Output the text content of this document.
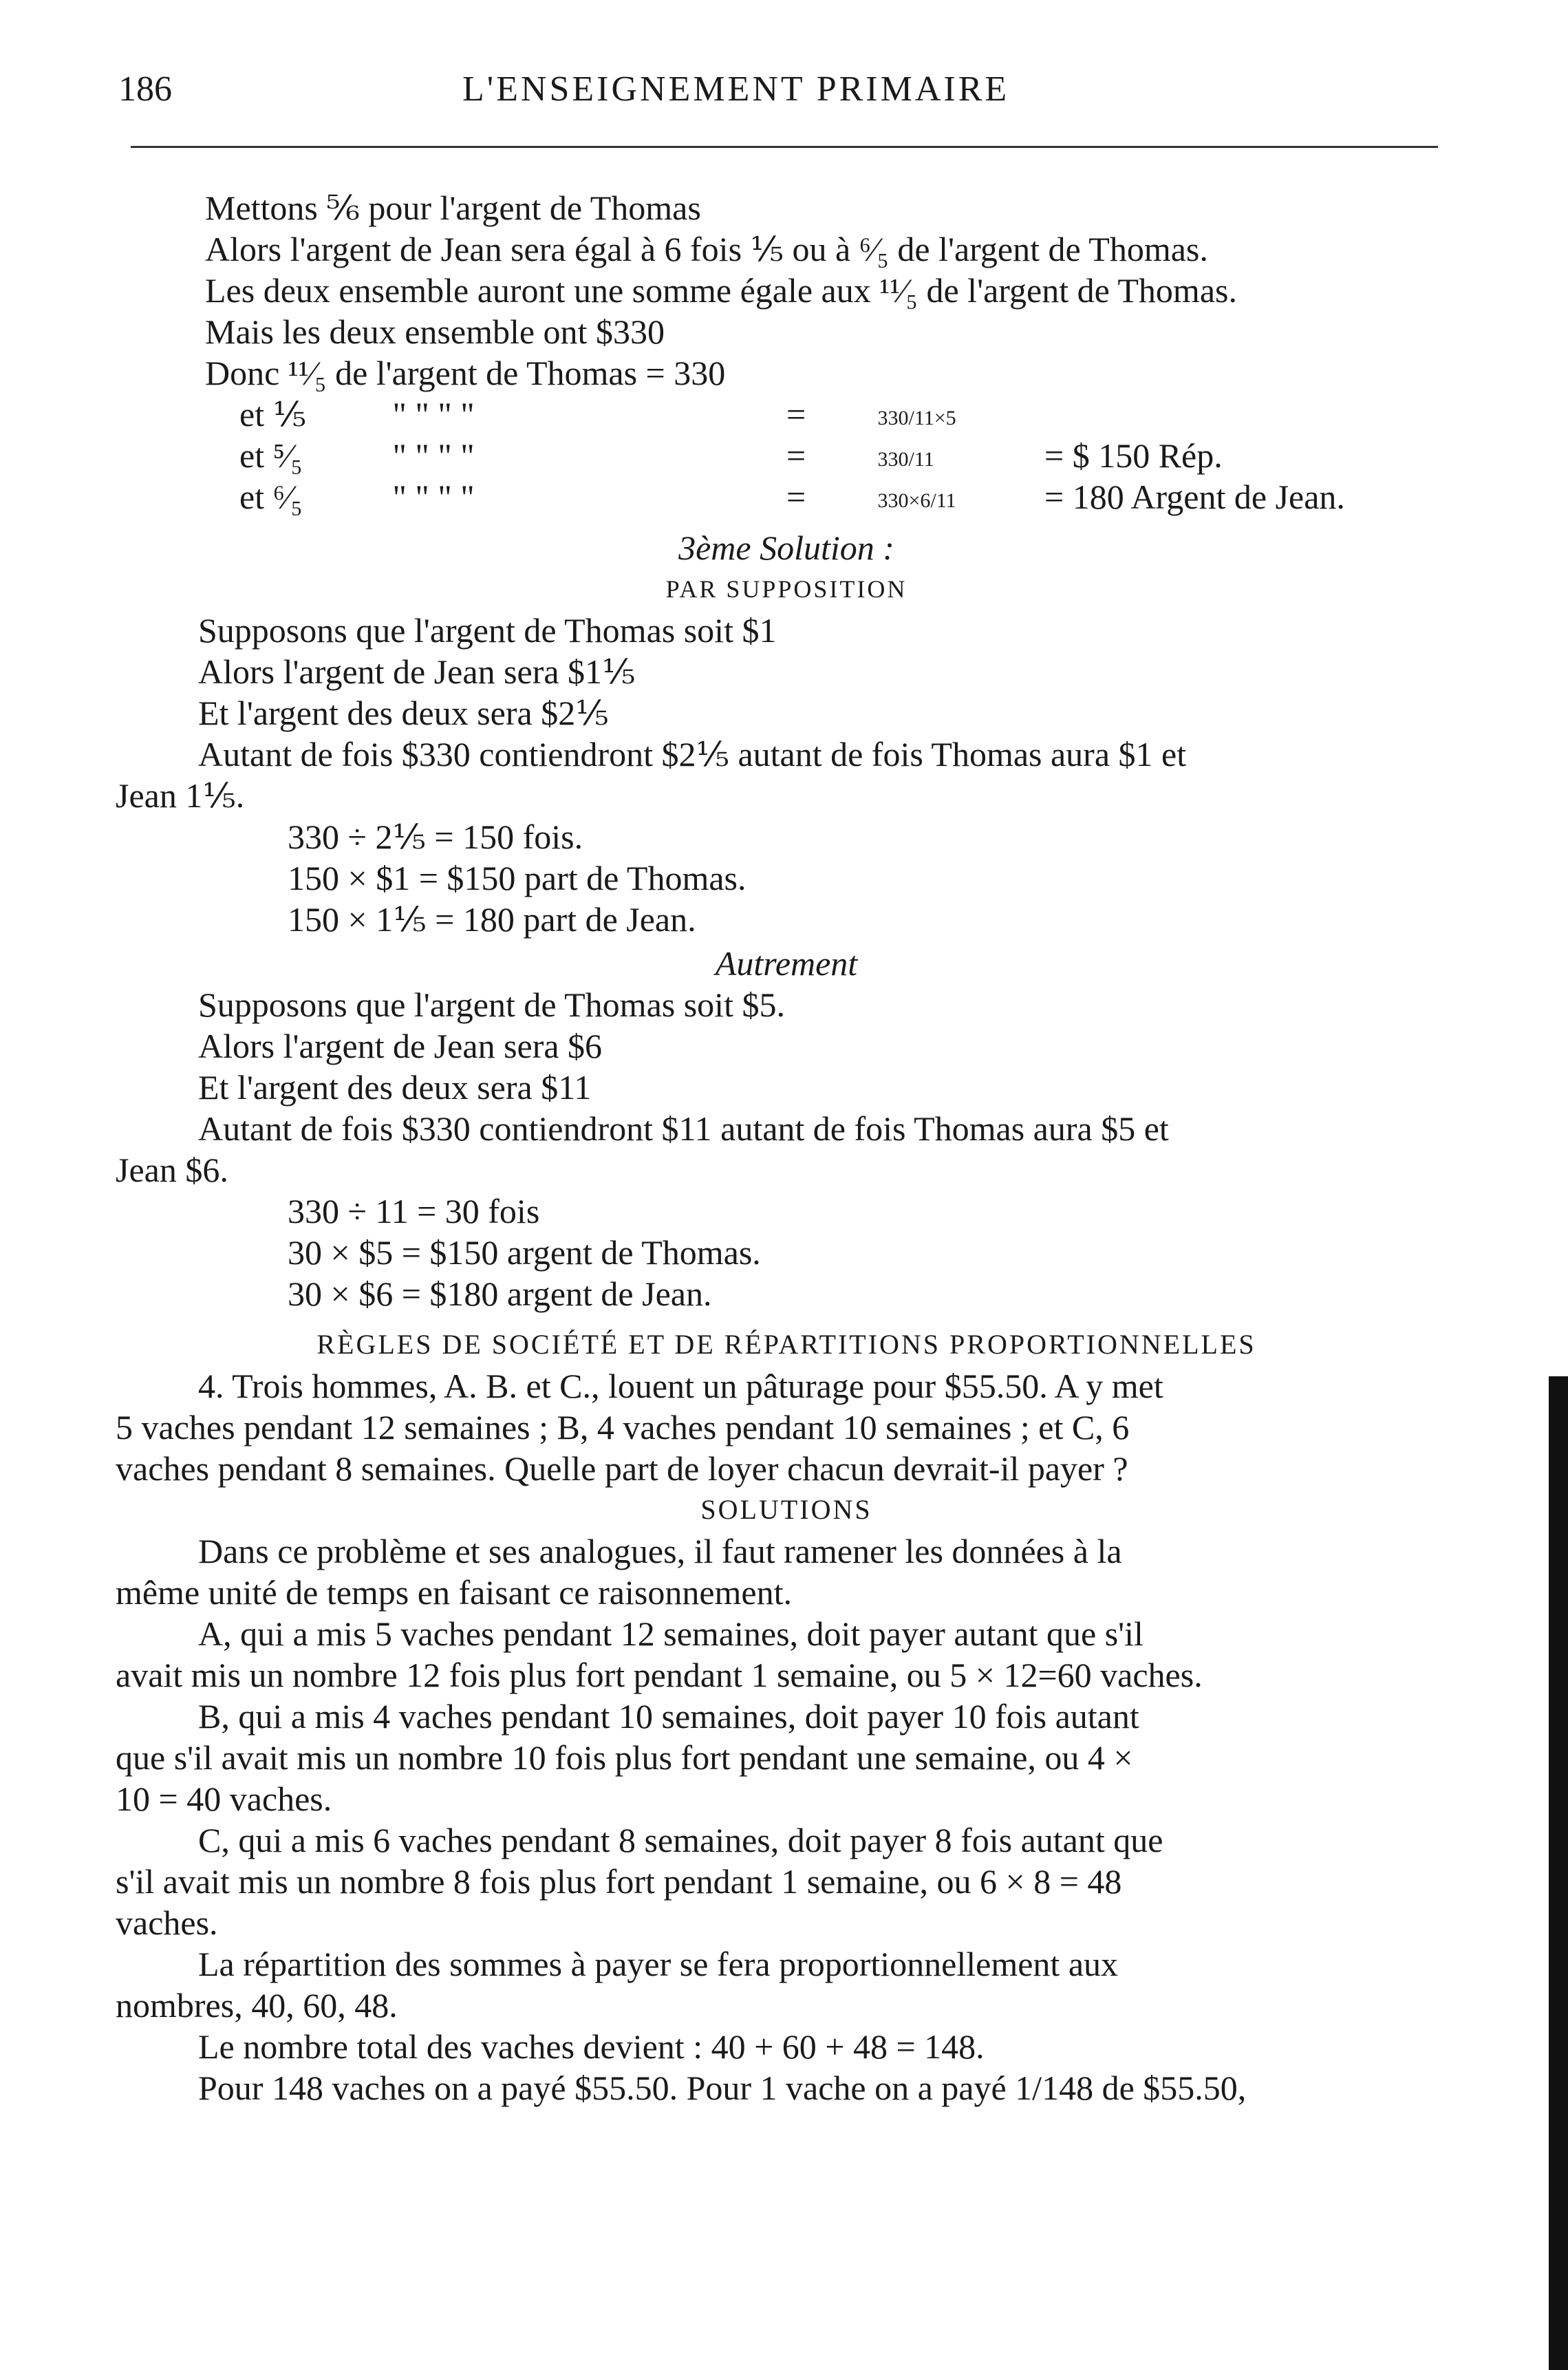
186	L'ENSEIGNEMENT PRIMAIRE
Mettons ⅚ pour l'argent de Thomas
Alors l'argent de Jean sera égal à 6 fois ⅕ ou à ⁶⁄₅ de l'argent de Thomas.
Les deux ensemble auront une somme égale aux ¹¹⁄₅ de l'argent de Thomas.
Mais les deux ensemble ont $330
Donc ¹¹⁄₅ de l'argent de Thomas = 330
et ⅕	" " " "	=	330/11×5
et ⁵⁄₅	" " " "	=	330/11	= $ 150 Rép.
et ⁶⁄₅	" " " "	=	330×6/11	= 180 Argent de Jean.
3ème Solution :
PAR SUPPOSITION
Supposons que l'argent de Thomas soit $1
Alors l'argent de Jean sera $1⅕
Et l'argent des deux sera $2⅕
Autant de fois $330 contiendront $2⅕ autant de fois Thomas aura $1 et
Jean 1⅕.
330 ÷ 2⅕ = 150 fois.
150 × $1 = $150 part de Thomas.
150 × 1⅕ = 180 part de Jean.
Autrement
Supposons que l'argent de Thomas soit $5.
Alors l'argent de Jean sera $6
Et l'argent des deux sera $11
Autant de fois $330 contiendront $11 autant de fois Thomas aura $5 et
Jean $6.
330 ÷ 11 = 30 fois
30 × $5 = $150 argent de Thomas.
30 × $6 = $180 argent de Jean.
RÈGLES DE SOCIÉTÉ ET DE RÉPARTITIONS PROPORTIONNELLES
4. Trois hommes, A. B. et C., louent un pâturage pour $55.50. A y met
5 vaches pendant 12 semaines ; B, 4 vaches pendant 10 semaines ; et C, 6
vaches pendant 8 semaines. Quelle part de loyer chacun devrait-il payer ?
SOLUTIONS
Dans ce problème et ses analogues, il faut ramener les données à la
même unité de temps en faisant ce raisonnement.
A, qui a mis 5 vaches pendant 12 semaines, doit payer autant que s'il
avait mis un nombre 12 fois plus fort pendant 1 semaine, ou 5 × 12=60 vaches.
B, qui a mis 4 vaches pendant 10 semaines, doit payer 10 fois autant
que s'il avait mis un nombre 10 fois plus fort pendant une semaine, ou 4 ×
10 = 40 vaches.
C, qui a mis 6 vaches pendant 8 semaines, doit payer 8 fois autant que
s'il avait mis un nombre 8 fois plus fort pendant 1 semaine, ou 6 × 8 = 48
vaches.
La répartition des sommes à payer se fera proportionnellement aux
nombres, 40, 60, 48.
Le nombre total des vaches devient : 40 + 60 + 48 = 148.
Pour 148 vaches on a payé $55.50. Pour 1 vache on a payé 1/148 de $55.50,
